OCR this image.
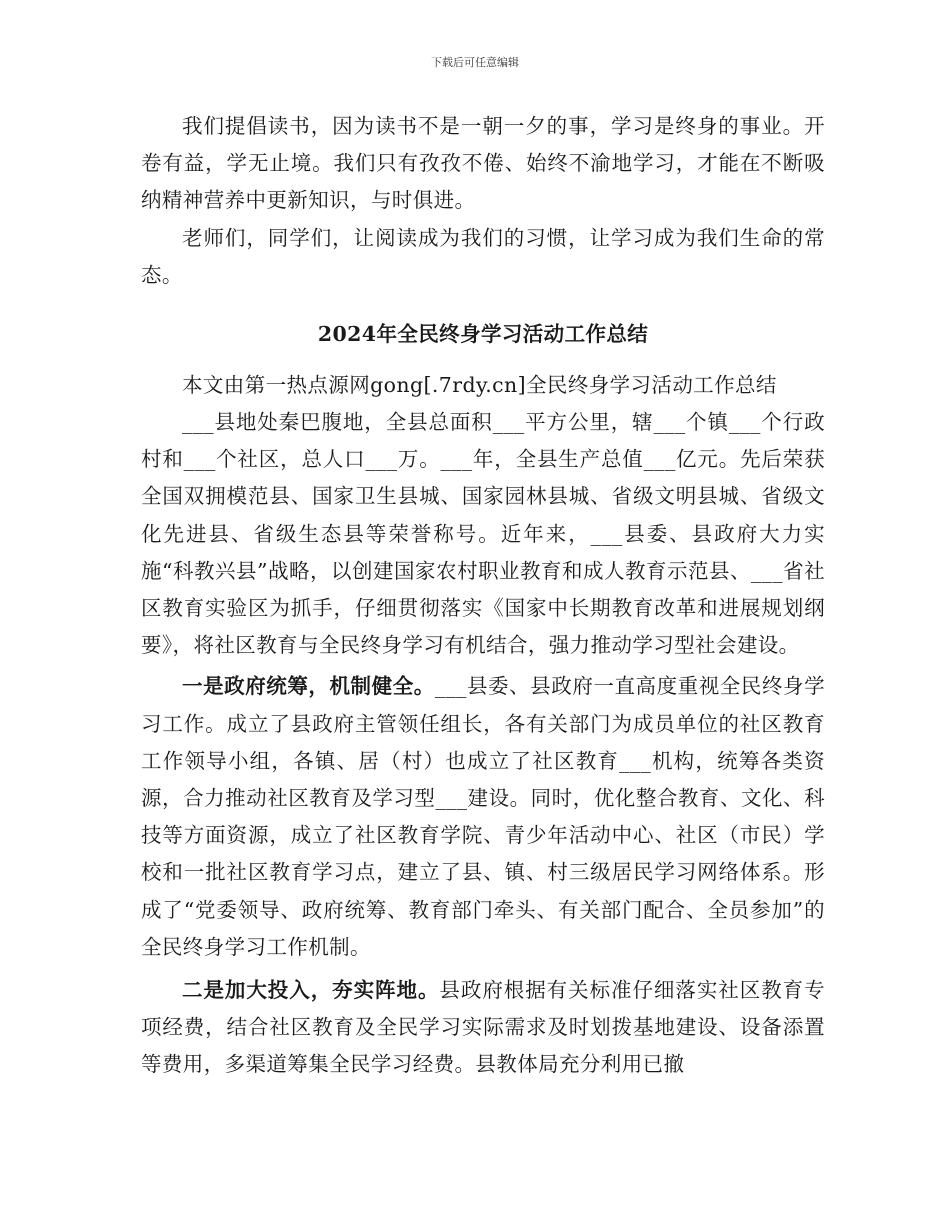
下载后可任意编辑

我们提倡读书，因为读书不是一朝一夕的事，学习是终身的事业。开卷有益，学无止境。我们只有孜孜不倦、始终不渝地学习，才能在不断吸纳精神营养中更新知识，与时俱进。

老师们，同学们，让阅读成为我们的习惯，让学习成为我们生命的常态。

2024年全民终身学习活动工作总结

本文由第一热点源网gong[.7rdy.cn]全民终身学习活动工作总结

___县地处秦巴腹地，全县总面积___平方公里，辖___个镇___个行政村和___个社区，总人口___万。___年，全县生产总值___亿元。先后荣获全国双拥模范县、国家卫生县城、国家园林县城、省级文明县城、省级文化先进县、省级生态县等荣誉称号。近年来，___县委、县政府大力实施“科教兴县”战略，以创建国家农村职业教育和成人教育示范县、___省社区教育实验区为抓手，仔细贯彻落实《国家中长期教育改革和进展规划纲要》，将社区教育与全民终身学习有机结合，强力推动学习型社会建设。

一是政府统筹，机制健全。___县委、县政府一直高度重视全民终身学习工作。成立了县政府主管领任组长，各有关部门为成员单位的社区教育工作领导小组，各镇、居（村）也成立了社区教育___机构，统筹各类资源，合力推动社区教育及学习型___建设。同时，优化整合教育、文化、科技等方面资源，成立了社区教育学院、青少年活动中心、社区（市民）学校和一批社区教育学习点，建立了县、镇、村三级居民学习网络体系。形成了“党委领导、政府统筹、教育部门牵头、有关部门配合、全员参加”的全民终身学习工作机制。

二是加大投入，夯实阵地。县政府根据有关标准仔细落实社区教育专项经费，结合社区教育及全民学习实际需求及时划拨基地建设、设备添置等费用，多渠道筹集全民学习经费。县教体局充分利用已撤
